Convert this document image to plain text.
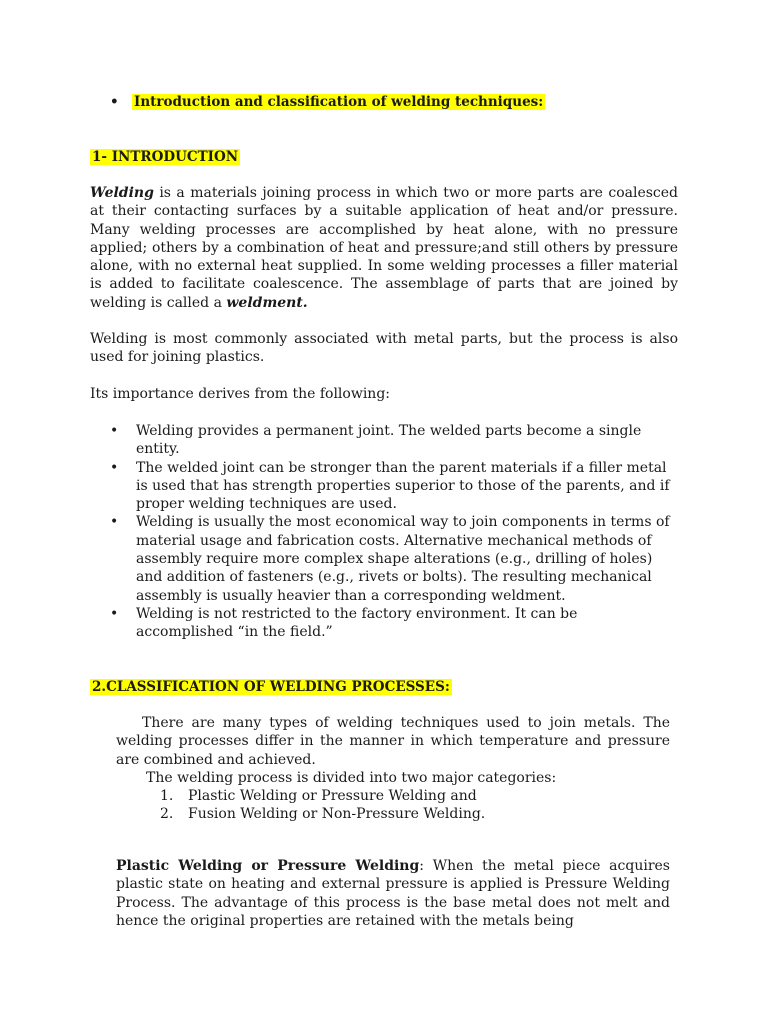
• Introduction and classification of welding techniques:
1- INTRODUCTION

Welding is a materials joining process in which two or more parts are coalesced at their contacting surfaces by a suitable application of heat and/or pressure. Many welding processes are accomplished by heat alone, with no pressure applied; others by a combination of heat and pressure;and still others by pressure alone, with no external heat supplied. In some welding processes a filler material is added to facilitate coalescence. The assemblage of parts that are joined by welding is called a weldment.

Welding is most commonly associated with metal parts, but the process is also used for joining plastics.

Its importance derives from the following:

• Welding provides a permanent joint. The welded parts become a single entity.
• The welded joint can be stronger than the parent materials if a filler metal is used that has strength properties superior to those of the parents, and if proper welding techniques are used.
• Welding is usually the most economical way to join components in terms of material usage and fabrication costs. Alternative mechanical methods of assembly require more complex shape alterations (e.g., drilling of holes) and addition of fasteners (e.g., rivets or bolts). The resulting mechanical assembly is usually heavier than a corresponding weldment.
• Welding is not restricted to the factory environment. It can be accomplished “in the field.”
2.CLASSIFICATION OF WELDING PROCESSES:

There are many types of welding techniques used to join metals. The welding processes differ in the manner in which temperature and pressure are combined and achieved.

The welding process is divided into two major categories:

1. Plastic Welding or Pressure Welding and
2. Fusion Welding or Non-Pressure Welding.

Plastic Welding or Pressure Welding: When the metal piece acquires plastic state on heating and external pressure is applied is Pressure Welding Process. The advantage of this process is the base metal does not melt and hence the original properties are retained with the metals being
